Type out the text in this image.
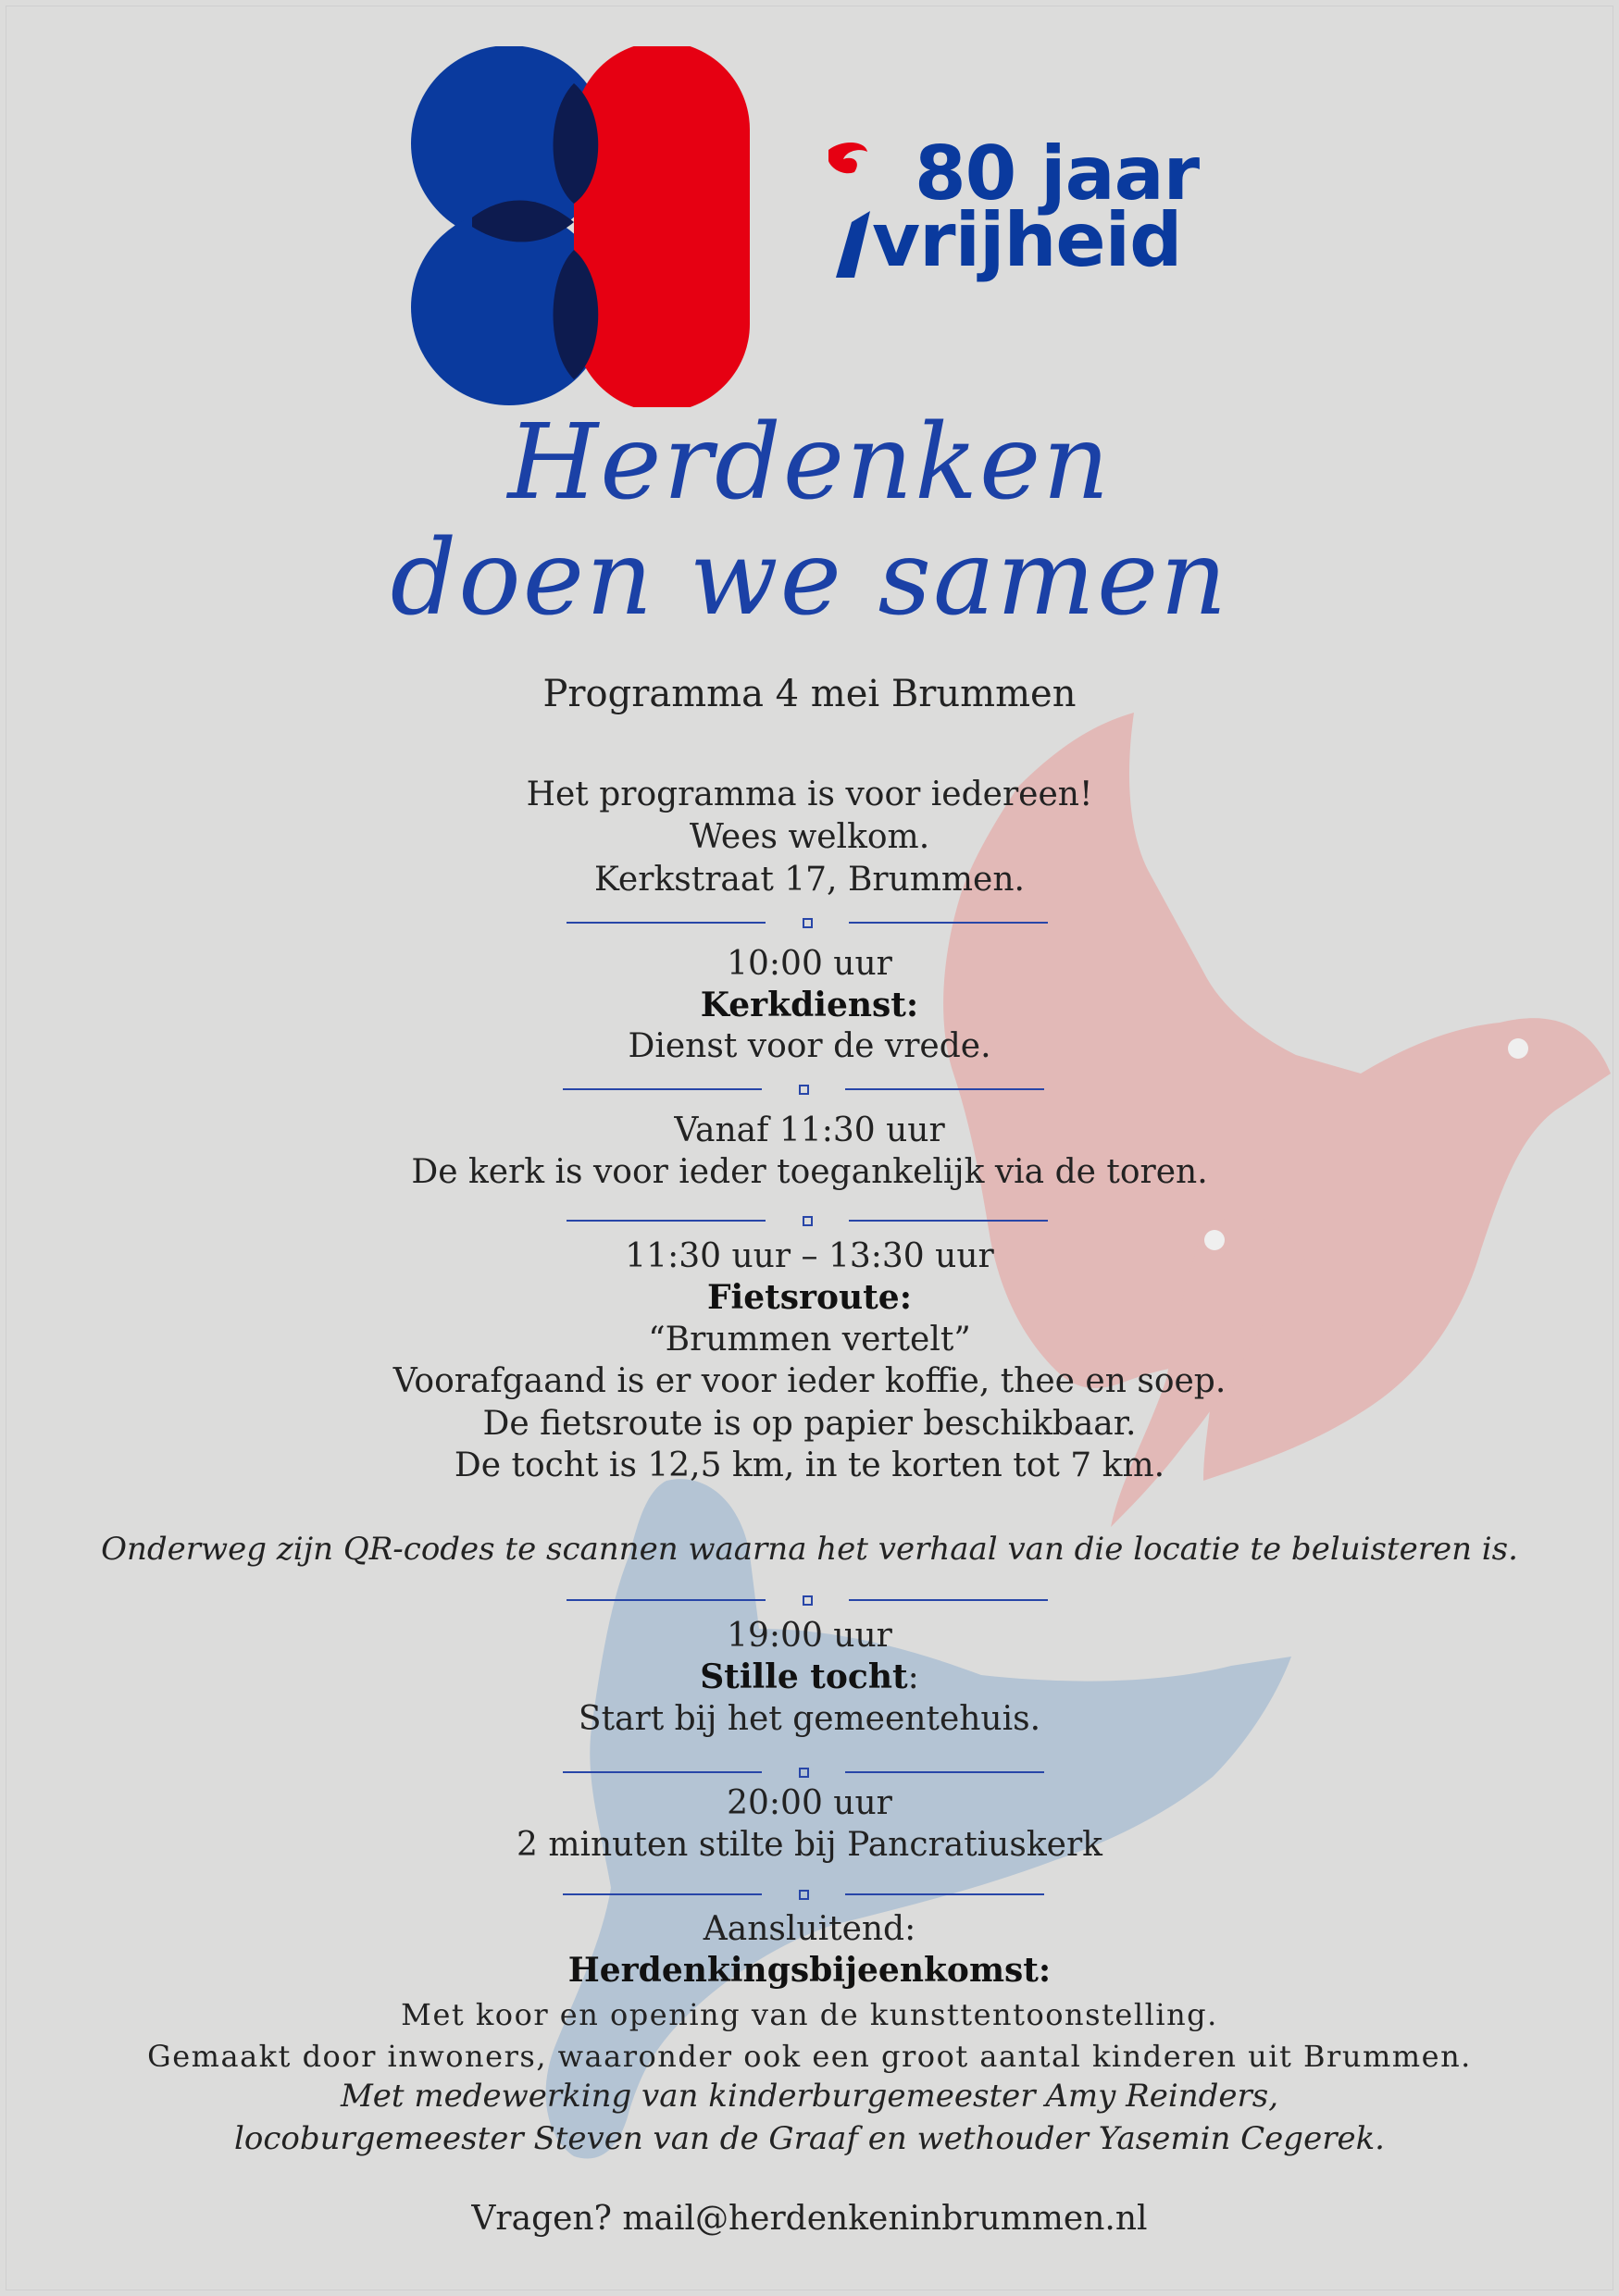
80 jaar
vrijheid
Herdenken
doen we samen
Programma 4 mei Brummen
Het programma is voor iedereen!
Wees welkom.
Kerkstraat 17, Brummen.
10:00 uur
Kerkdienst:
Dienst voor de vrede.
Vanaf 11:30 uur
De kerk is voor ieder toegankelijk via de toren.
11:30 uur – 13:30 uur
Fietsroute:
“Brummen vertelt”
Voorafgaand is er voor ieder koffie, thee en soep.
De fietsroute is op papier beschikbaar.
De tocht is 12,5 km, in te korten tot 7 km.
Onderweg zijn QR-codes te scannen waarna het verhaal van die locatie te beluisteren is.
19:00 uur
Stille tocht:
Start bij het gemeentehuis.
20:00 uur
2 minuten stilte bij Pancratiuskerk
Aansluitend:
Herdenkingsbijeenkomst:
Met koor en opening van de kunsttentoonstelling.
Gemaakt door inwoners, waaronder ook een groot aantal kinderen uit Brummen.
Met medewerking van kinderburgemeester Amy Reinders,
locoburgemeester Steven van de Graaf en wethouder Yasemin Cegerek.
Vragen? mail@herdenkeninbrummen.nl
